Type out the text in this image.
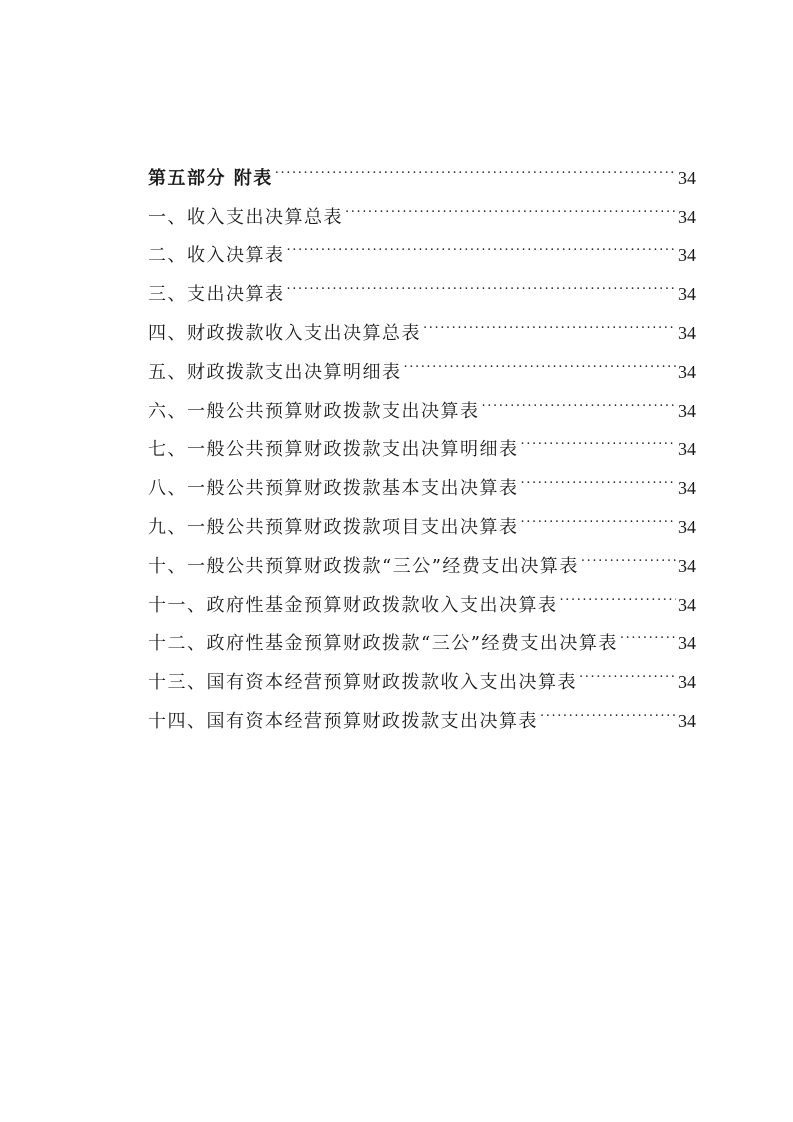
第五部分 附表 .....	34
一、收入支出决算总表 .....	34
二、收入决算表 .....	34
三、支出决算表 .....	34
四、财政拨款收入支出决算总表 .....	34
五、财政拨款支出决算明细表 .....	34
六、一般公共预算财政拨款支出决算表 .....	34
七、一般公共预算财政拨款支出决算明细表 .....	34
八、一般公共预算财政拨款基本支出决算表 .....	34
九、一般公共预算财政拨款项目支出决算表 .....	34
十、一般公共预算财政拨款“三公”经费支出决算表 .....	34
十一、政府性基金预算财政拨款收入支出决算表 .....	34
十二、政府性基金预算财政拨款“三公”经费支出决算表 .....	34
十三、国有资本经营预算财政拨款收入支出决算表 .....	34
十四、国有资本经营预算财政拨款支出决算表 .....	34
